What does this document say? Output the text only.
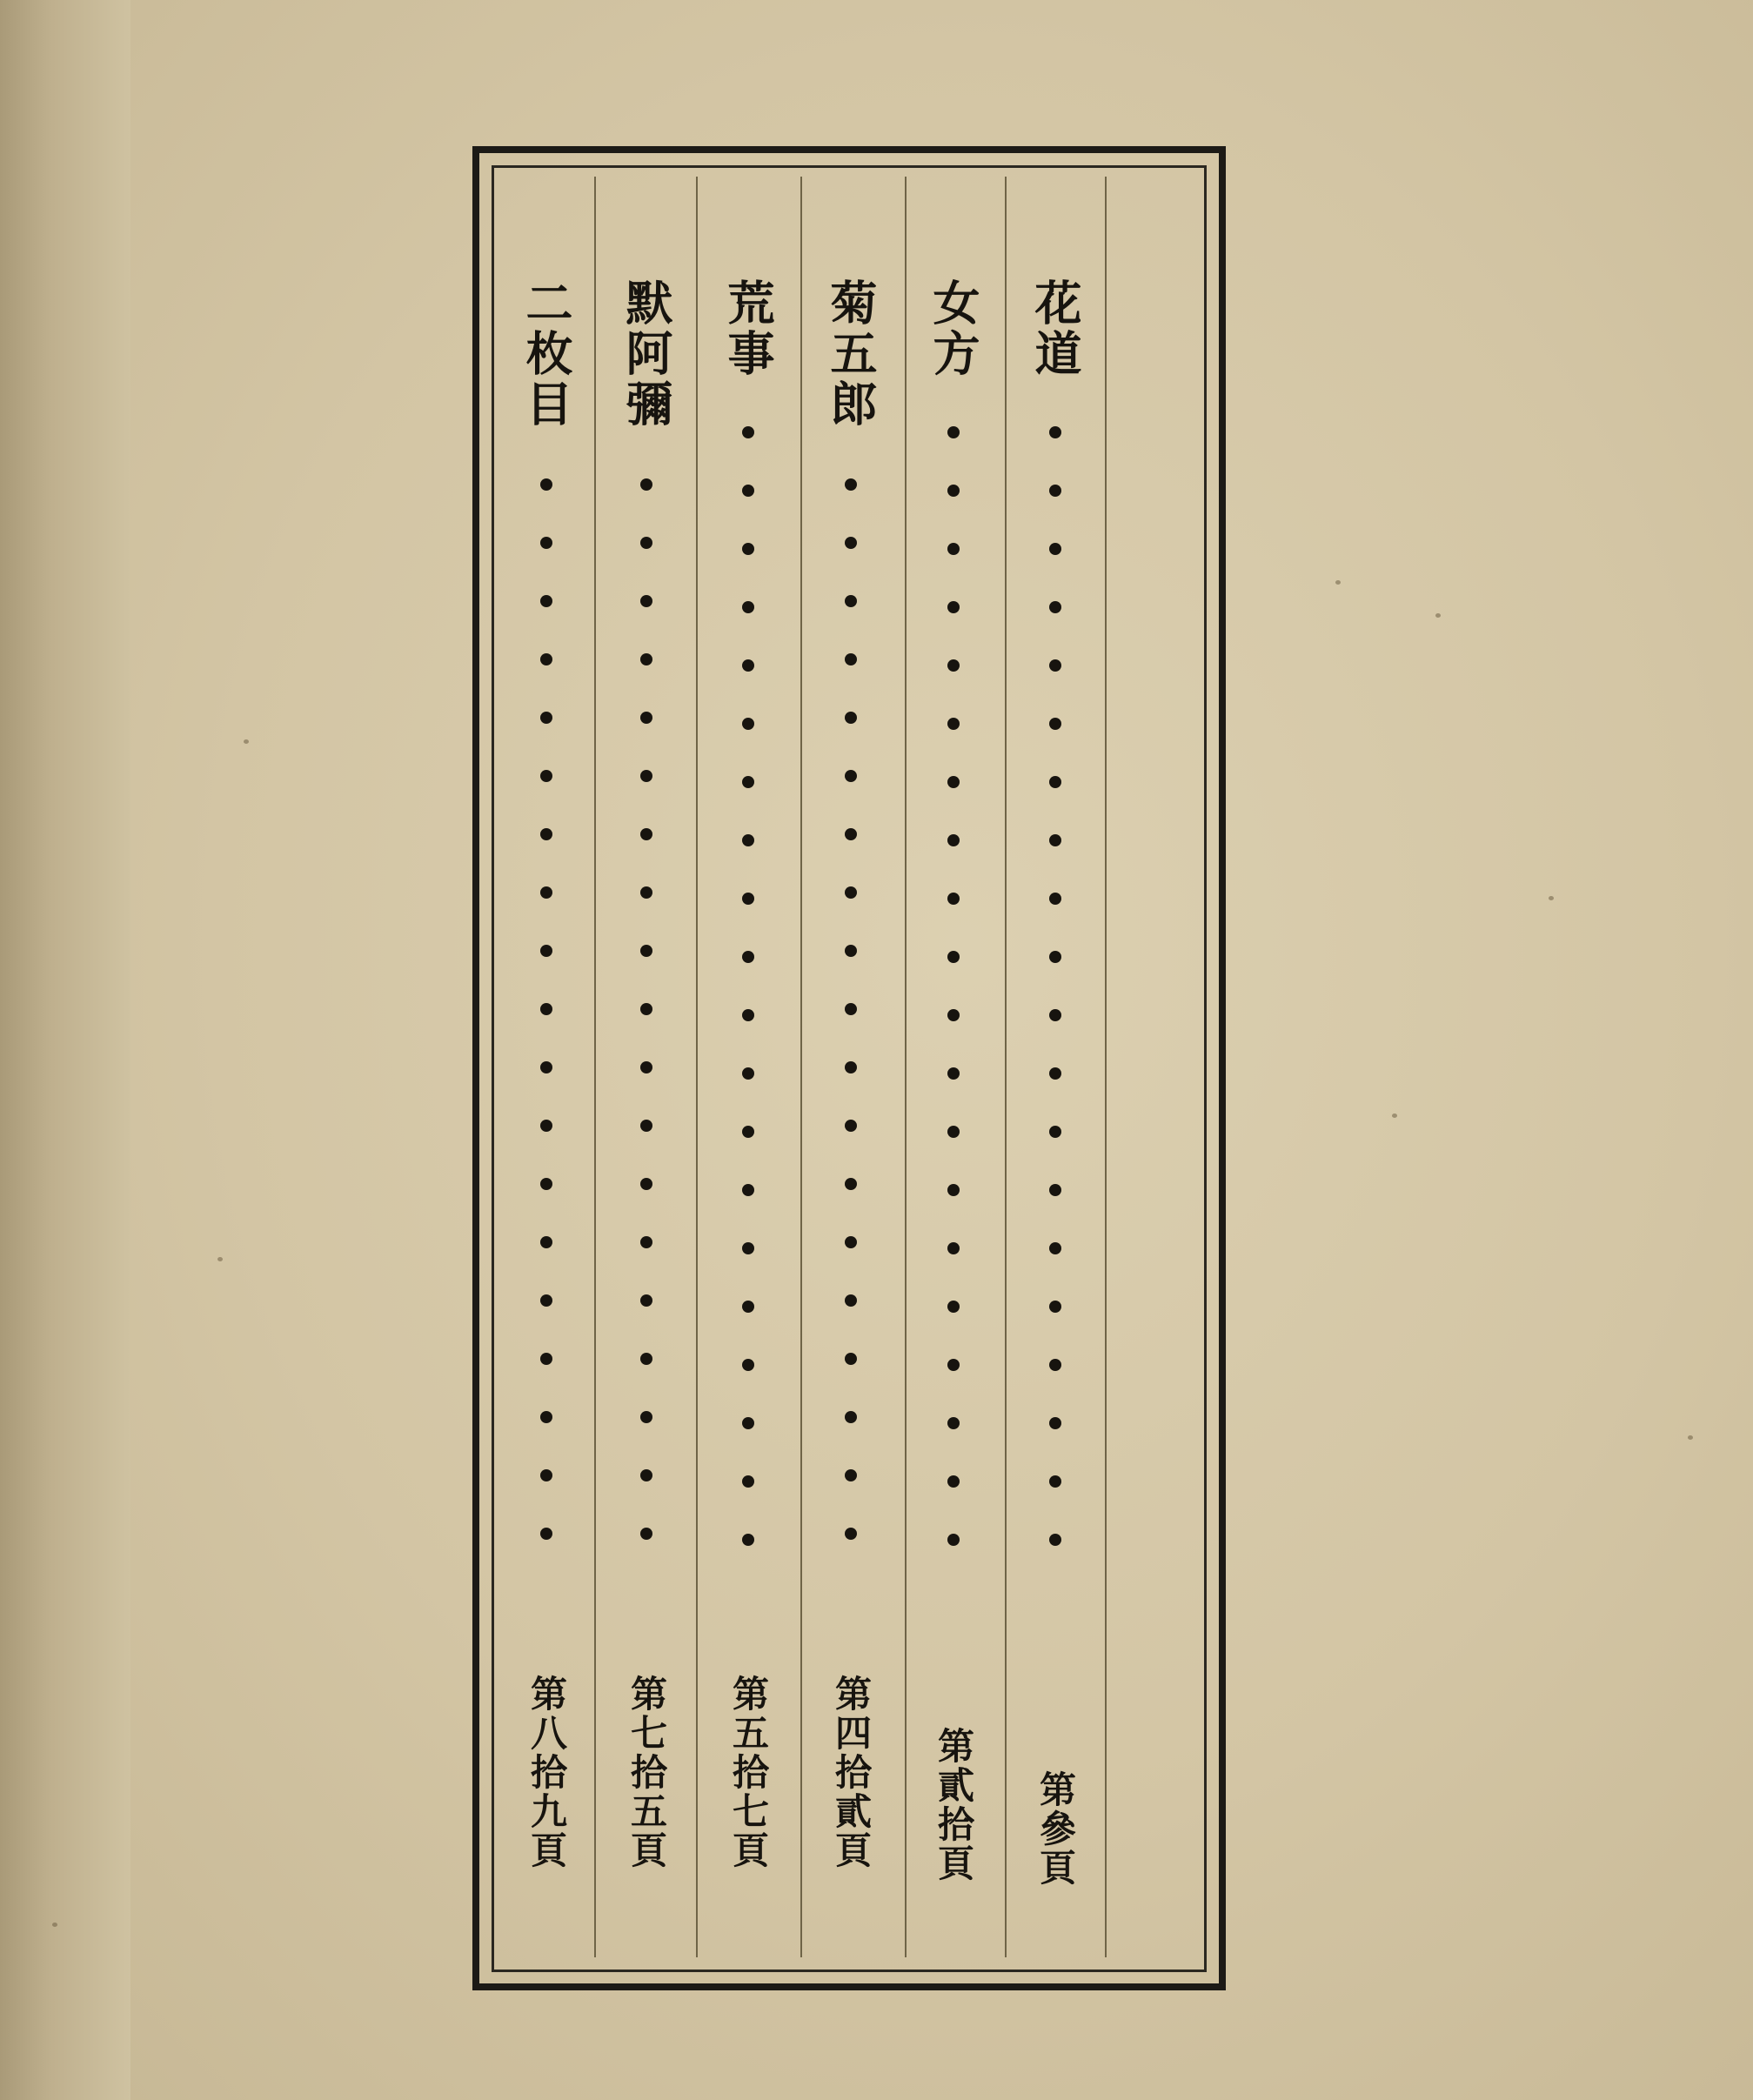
花道
第參頁
女方
第貳拾頁
菊五郎
第四拾貳頁
荒事
第五拾七頁
默阿彌
第七拾五頁
二枚目
第八拾九頁
